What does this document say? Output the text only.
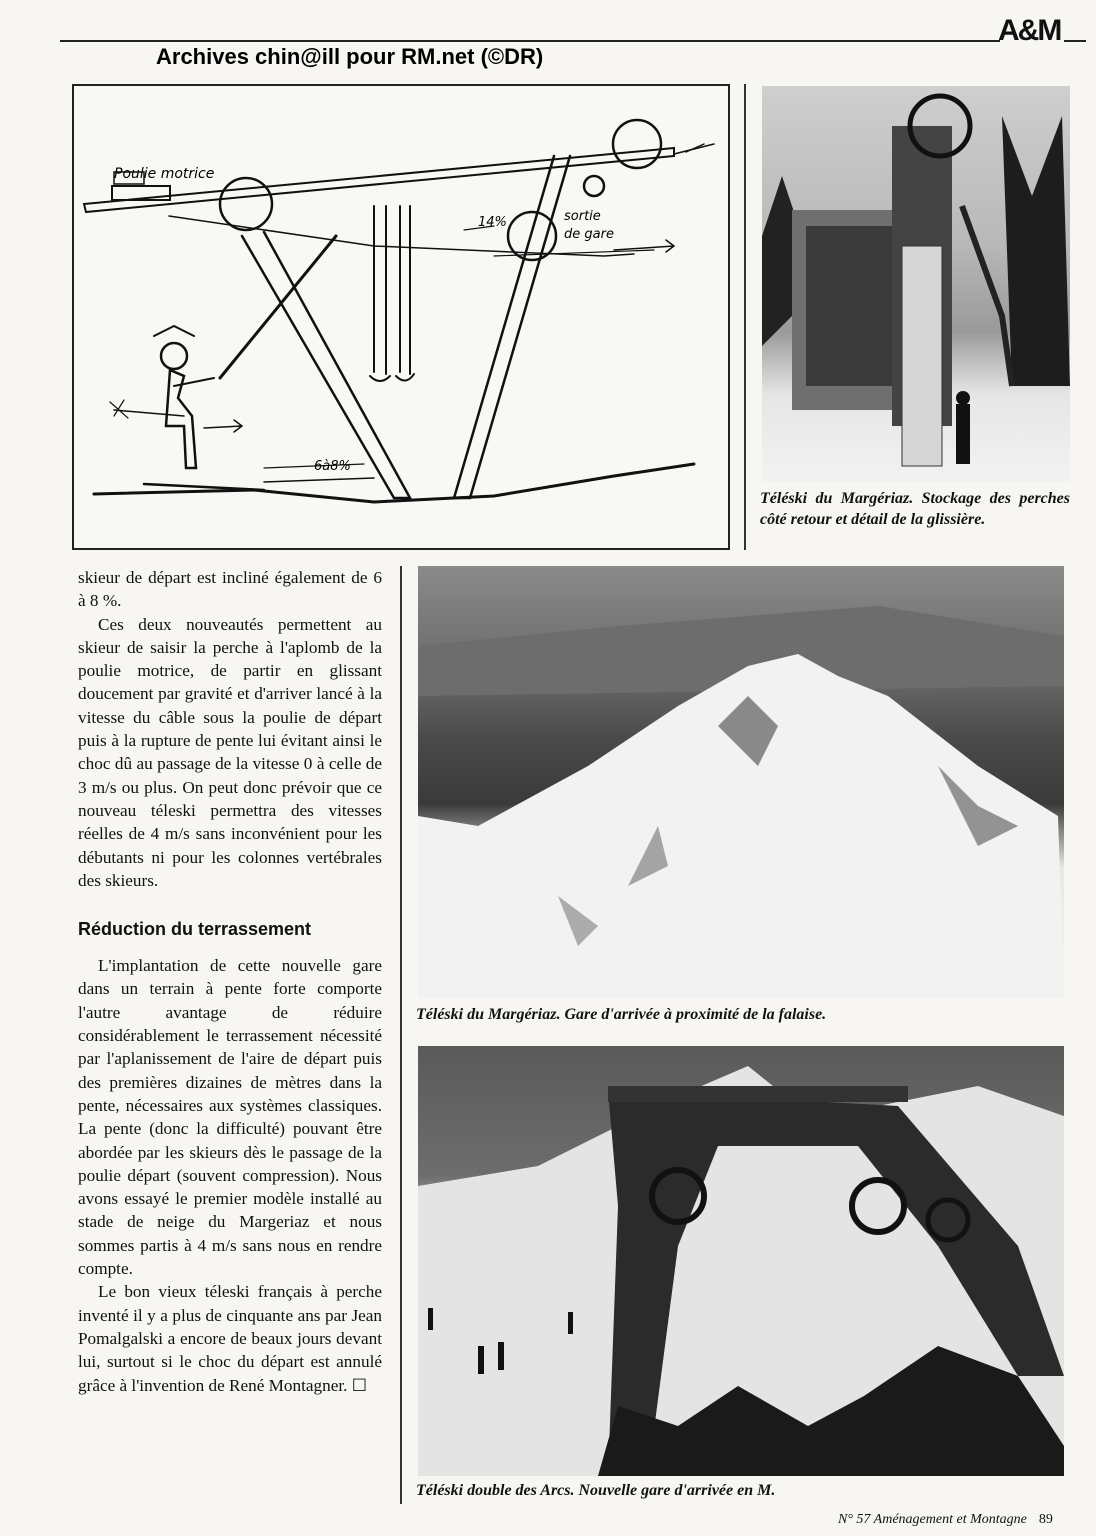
A&M
Archives chin@ill pour RM.net (©DR)
Poulie motrice
14%	sortie
de gare
6à8%
Téléski du Margériaz. Stockage des perches côté retour et détail de la glissière.

skieur de départ est incliné également de 6 à 8 %.

Ces deux nouveautés permettent au skieur de saisir la perche à l'aplomb de la poulie motrice, de partir en glissant doucement par gravité et d'arriver lancé à la vitesse du câble sous la poulie de départ puis à la rupture de pente lui évitant ainsi le choc dû au passage de la vitesse 0 à celle de 3 m/s ou plus. On peut donc prévoir que ce nouveau téleski permettra des vitesses réelles de 4 m/s sans inconvénient pour les débutants ni pour les colonnes vertébrales des skieurs.

Réduction du terrassement

L'implantation de cette nouvelle gare dans un terrain à pente forte comporte l'autre avantage de réduire considérablement le terrassement nécessité par l'aplanissement de l'aire de départ puis des premières dizaines de mètres dans la pente, nécessaires aux systèmes classiques. La pente (donc la difficulté) pouvant être abordée par les skieurs dès le passage de la poulie départ (souvent compression). Nous avons essayé le premier modèle installé au stade de neige du Margeriaz et nous sommes partis à 4 m/s sans nous en rendre compte.

Le bon vieux téleski français à perche inventé il y a plus de cinquante ans par Jean Pomalgalski a encore de beaux jours devant lui, surtout si le choc du départ est annulé grâce à l'invention de René Montagner. ☐

Téléski du Margériaz. Gare d'arrivée à proximité de la falaise.
Téléski double des Arcs. Nouvelle gare d'arrivée en M.
N° 57 Aménagement et Montagne 89
